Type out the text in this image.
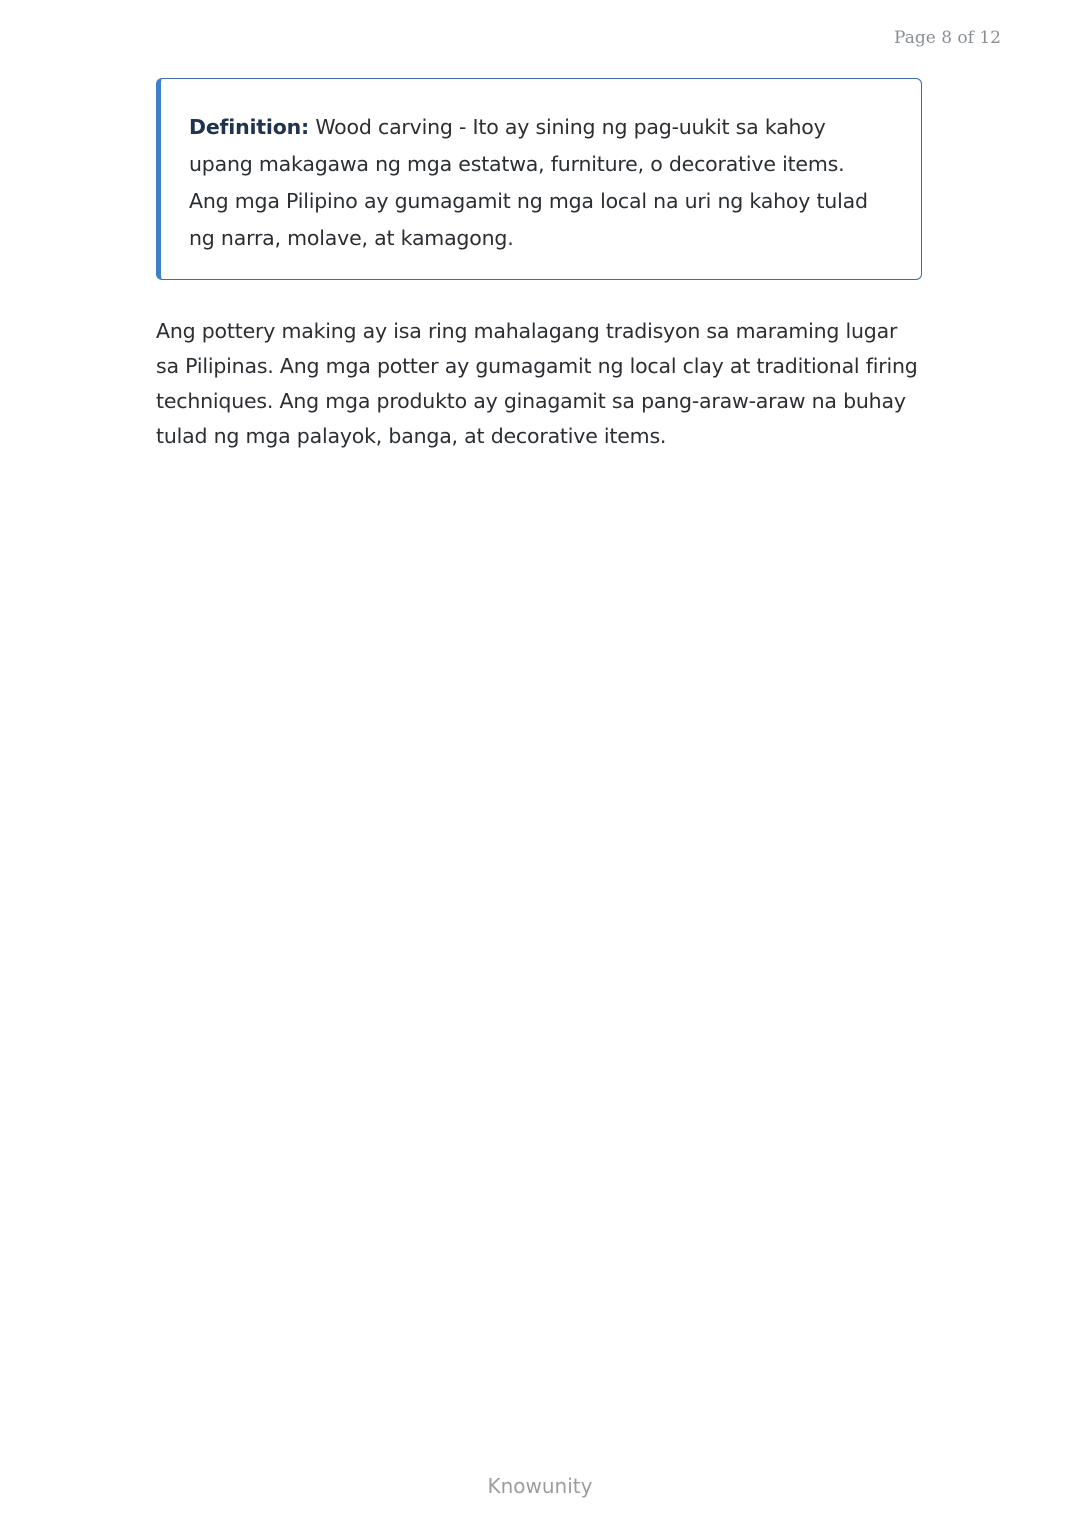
Page 8 of 12

Definition: Wood carving - Ito ay sining ng pag-uukit sa kahoy upang makagawa ng mga estatwa, furniture, o decorative items. Ang mga Pilipino ay gumagamit ng mga local na uri ng kahoy tulad ng narra, molave, at kamagong.

Ang pottery making ay isa ring mahalagang tradisyon sa maraming lugar sa Pilipinas. Ang mga potter ay gumagamit ng local clay at traditional firing techniques. Ang mga produkto ay ginagamit sa pang-araw-araw na buhay tulad ng mga palayok, banga, at decorative items.

Knowunity
